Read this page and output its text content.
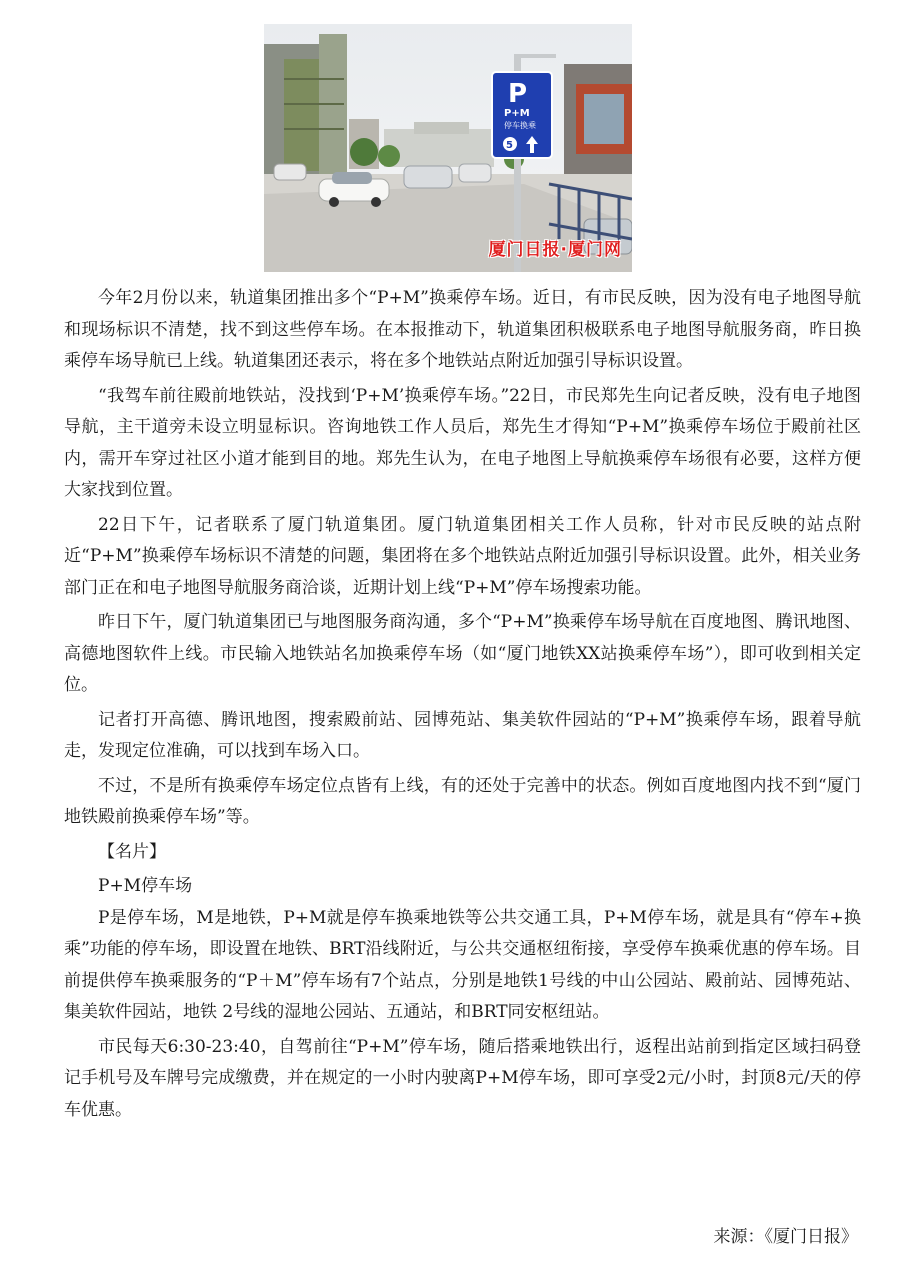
P
P+M
停车换乘
5
厦门日报·厦门网

今年2月份以来，轨道集团推出多个“P+M”换乘停车场。近日，有市民反映，因为没有电子地图导航和现场标识不清楚，找不到这些停车场。在本报推动下，轨道集团积极联系电子地图导航服务商，昨日换乘停车场导航已上线。轨道集团还表示，将在多个地铁站点附近加强引导标识设置。

“我驾车前往殿前地铁站，没找到‘P+M’换乘停车场。”22日，市民郑先生向记者反映，没有电子地图导航，主干道旁未设立明显标识。咨询地铁工作人员后，郑先生才得知“P+M”换乘停车场位于殿前社区内，需开车穿过社区小道才能到目的地。郑先生认为，在电子地图上导航换乘停车场很有必要，这样方便大家找到位置。

22日下午，记者联系了厦门轨道集团。厦门轨道集团相关工作人员称，针对市民反映的站点附近“P+M”换乘停车场标识不清楚的问题，集团将在多个地铁站点附近加强引导标识设置。此外，相关业务部门正在和电子地图导航服务商洽谈，近期计划上线“P+M”停车场搜索功能。

昨日下午，厦门轨道集团已与地图服务商沟通，多个“P+M”换乘停车场导航在百度地图、腾讯地图、高德地图软件上线。市民输入地铁站名加换乘停车场（如“厦门地铁XX站换乘停车场”），即可收到相关定位。

记者打开高德、腾讯地图，搜索殿前站、园博苑站、集美软件园站的“P+M”换乘停车场，跟着导航走，发现定位准确，可以找到车场入口。

不过，不是所有换乘停车场定位点皆有上线，有的还处于完善中的状态。例如百度地图内找不到“厦门地铁殿前换乘停车场”等。

【名片】

P+M停车场

P是停车场，M是地铁，P+M就是停车换乘地铁等公共交通工具，P+M停车场，就是具有“停车+换乘”功能的停车场，即设置在地铁、BRT沿线附近，与公共交通枢纽衔接，享受停车换乘优惠的停车场。目前提供停车换乘服务的“P＋M”停车场有7个站点，分别是地铁1号线的中山公园站、殿前站、园博苑站、集美软件园站，地铁 2号线的湿地公园站、五通站，和BRT同安枢纽站。

市民每天6:30-23:40，自驾前往“P+M”停车场，随后搭乘地铁出行，返程出站前到指定区域扫码登记手机号及车牌号完成缴费，并在规定的一小时内驶离P+M停车场，即可享受2元/小时，封顶8元/天的停车优惠。

来源：《厦门日报》
